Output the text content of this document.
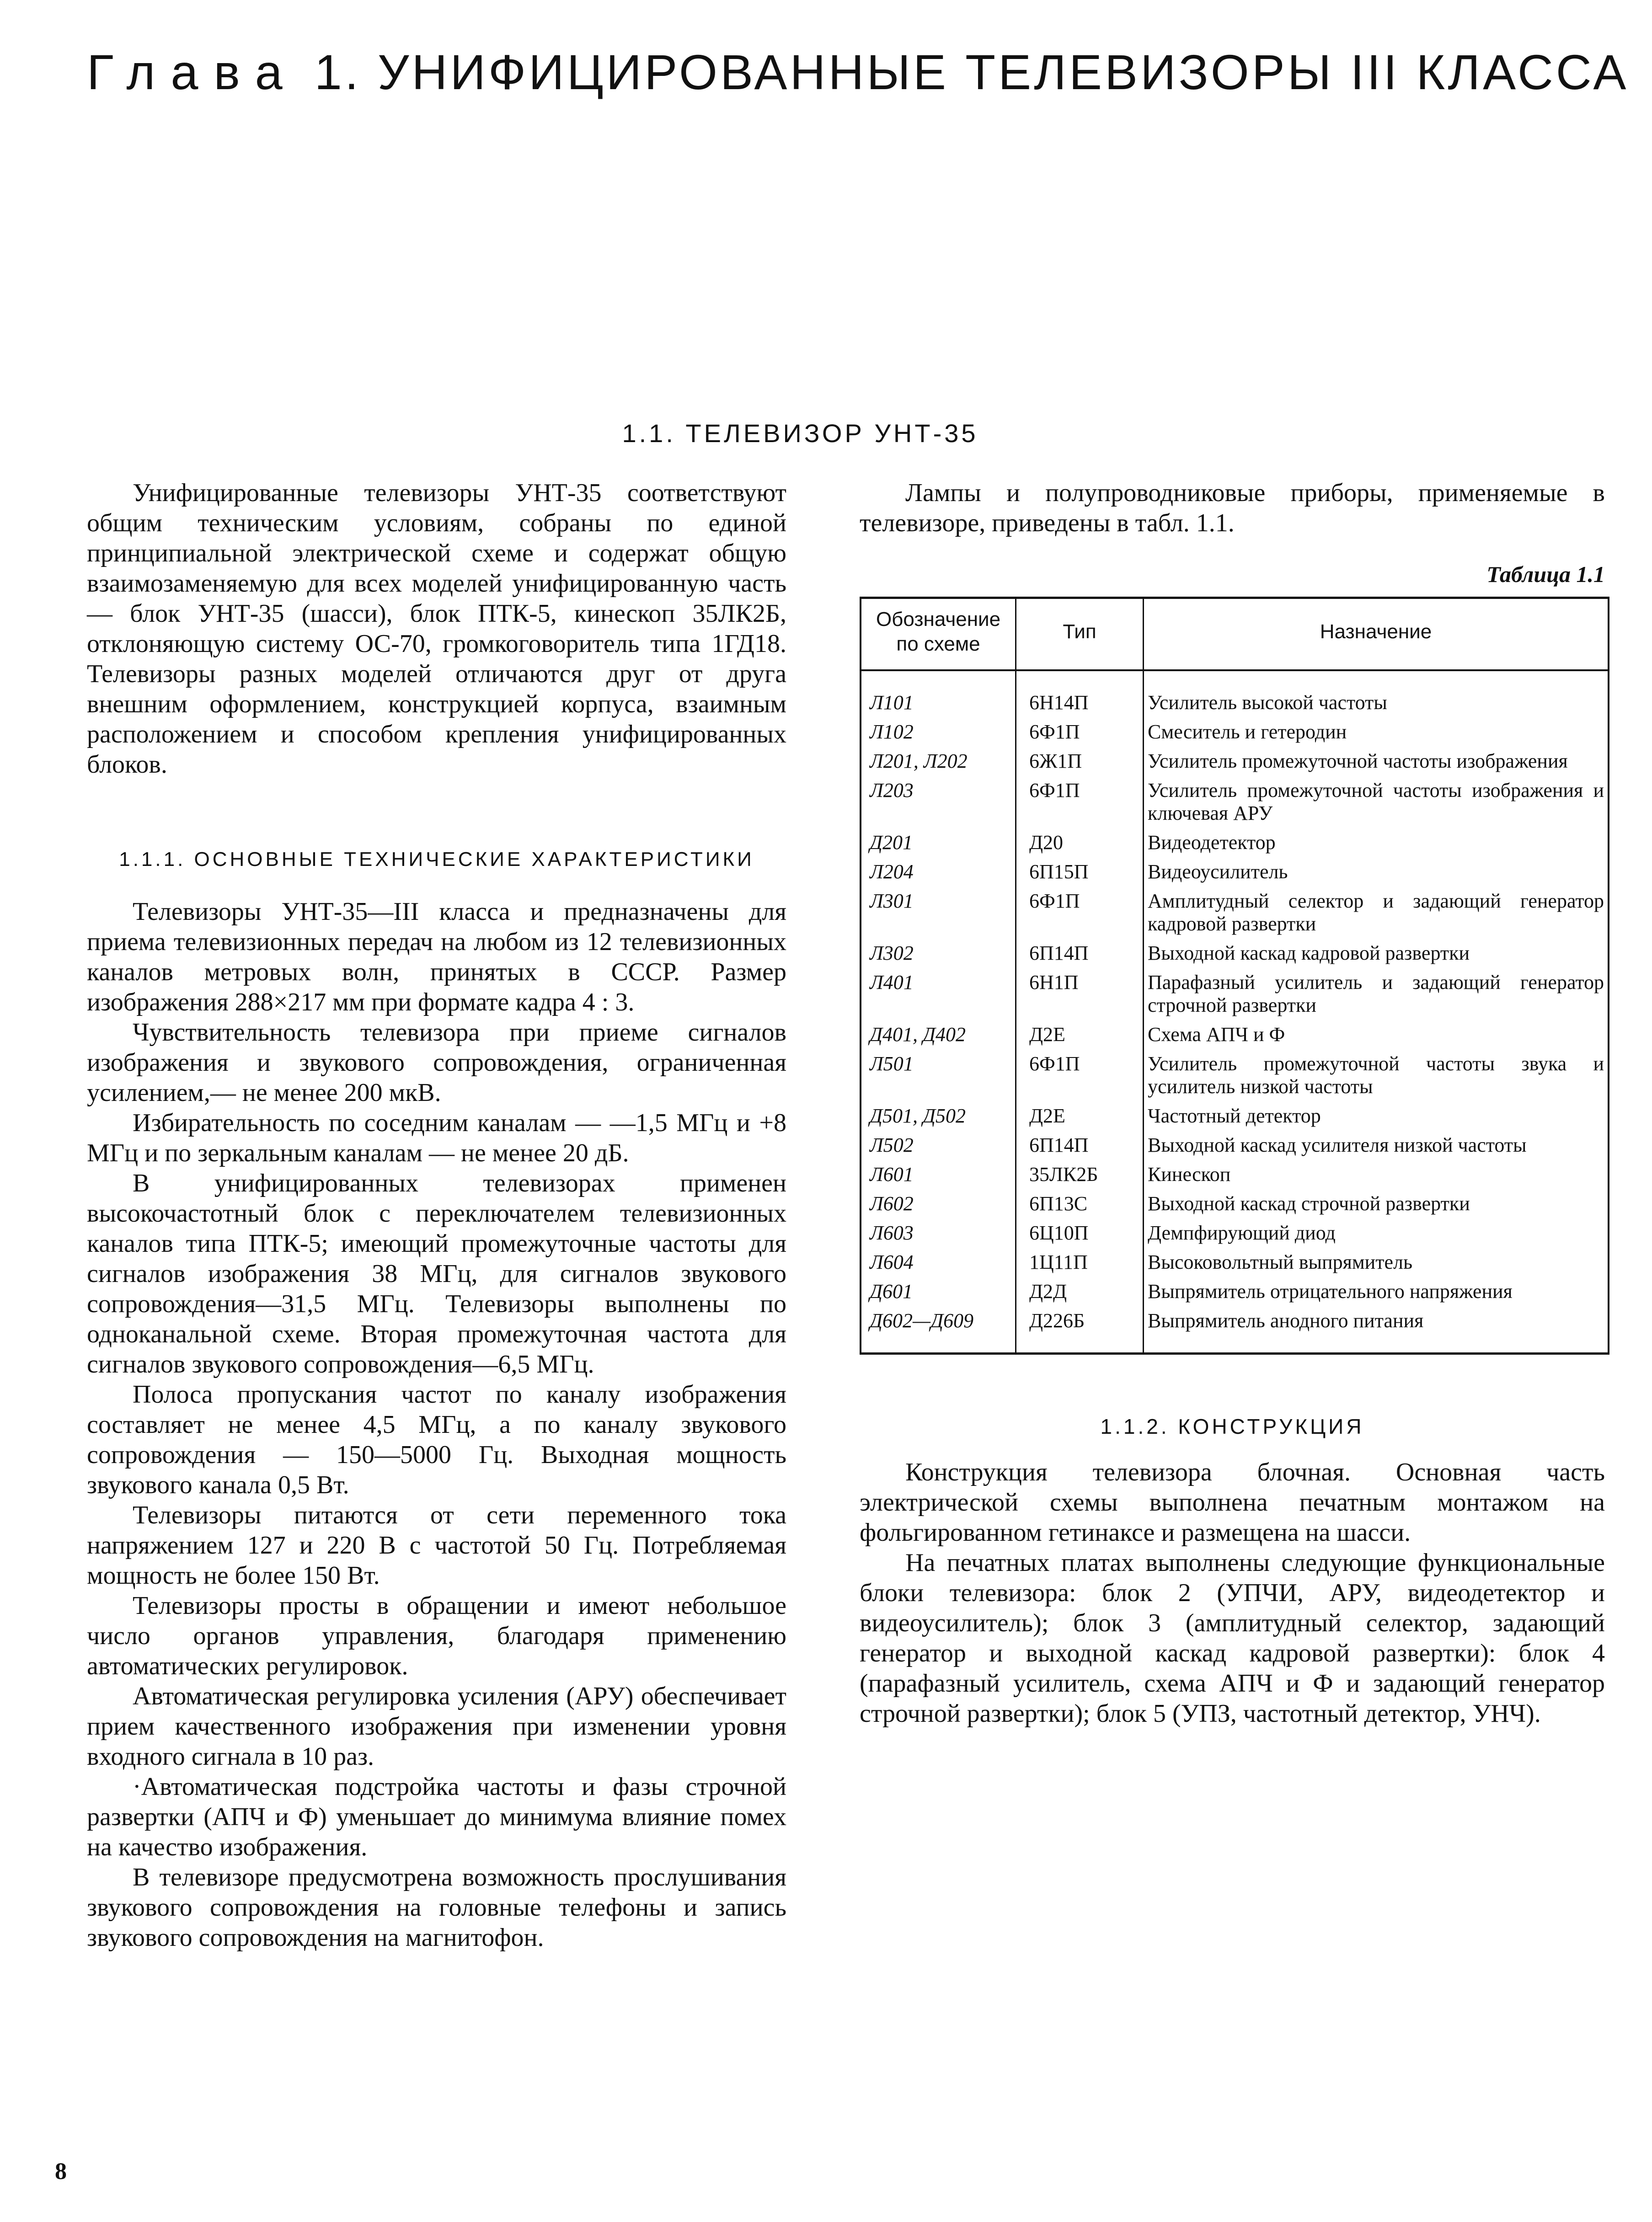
Глава 1. УНИФИЦИРОВАННЫЕ ТЕЛЕВИЗОРЫ III КЛАССА
1.1. ТЕЛЕВИЗОР УНТ-35

Унифицированные телевизоры УНТ-35 соответствуют общим техническим условиям, собраны по единой принципиальной электрической схеме и содержат общую взаимозаменяемую для всех моделей унифицированную часть — блок УНТ-35 (шасси), блок ПТК-5, кинескоп 35ЛК2Б, отклоняющую систему ОС-70, громкоговоритель типа 1ГД18. Телевизоры разных моделей отличаются друг от друга внешним оформлением, конструкцией корпуса, взаимным расположением и способом крепления унифицированных блоков.

1.1.1. ОСНОВНЫЕ ТЕХНИЧЕСКИЕ ХАРАКТЕРИСТИКИ

Телевизоры УНТ-35—III класса и предназначены для приема телевизионных передач на любом из 12 телевизионных каналов метровых волн, принятых в СССР. Размер изображения 288×217 мм при формате кадра 4 : 3.

Чувствительность телевизора при приеме сигналов изображения и звукового сопровождения, ограниченная усилением,— не менее 200 мкВ.

Избирательность по соседним каналам — —1,5 МГц и +8 МГц и по зеркальным каналам — не менее 20 дБ.

В унифицированных телевизорах применен высокочастотный блок с переключателем телевизионных каналов типа ПТК-5; имеющий промежуточные частоты для сигналов изображения 38 МГц, для сигналов звукового сопровождения—31,5 МГц. Телевизоры выполнены по одноканальной схеме. Вторая промежуточная частота для сигналов звукового сопровождения—6,5 МГц.

Полоса пропускания частот по каналу изображения составляет не менее 4,5 МГц, а по каналу звукового сопровождения — 150—5000 Гц. Выходная мощность звукового канала 0,5 Вт.

Телевизоры питаются от сети переменного тока напряжением 127 и 220 В с частотой 50 Гц. Потребляемая мощность не более 150 Вт.

Телевизоры просты в обращении и имеют небольшое число органов управления, благодаря применению автоматических регулировок.

Автоматическая регулировка усиления (АРУ) обеспечивает прием качественного изображения при изменении уровня входного сигнала в 10 раз.

·Автоматическая подстройка частоты и фазы строчной развертки (АПЧ и Ф) уменьшает до минимума влияние помех на качество изображения.

В телевизоре предусмотрена возможность прослушивания звукового сопровождения на головные телефоны и запись звукового сопровождения на магнитофон.

Лампы и полупроводниковые приборы, применяемые в телевизоре, приведены в табл. 1.1.

Таблица 1.1
Обозначение по схеме	Тип	Назначение
Л101	6Н14П	Усилитель высокой частоты
Л102	6Ф1П	Смеситель и гетеродин
Л201, Л202	6Ж1П	Усилитель промежуточной частоты изображения
Л203	6Ф1П	Усилитель промежуточной частоты изображения и ключевая АРУ
Д201	Д20	Видеодетектор
Л204	6П15П	Видеоусилитель
Л301	6Ф1П	Амплитудный селектор и задающий генератор кадровой развертки
Л302	6П14П	Выходной каскад кадровой развертки
Л401	6Н1П	Парафазный усилитель и задающий генератор строчной развертки
Д401, Д402	Д2Е	Схема АПЧ и Ф
Л501	6Ф1П	Усилитель промежуточной частоты звука и усилитель низкой частоты
Д501, Д502	Д2Е	Частотный детектор
Л502	6П14П	Выходной каскад усилителя низкой частоты
Л601	35ЛК2Б	Кинескоп
Л602	6П13С	Выходной каскад строчной развертки
Л603	6Ц10П	Демпфирующий диод
Л604	1Ц11П	Высоковольтный выпрямитель
Д601	Д2Д	Выпрямитель отрицательного напряжения
Д602—Д609	Д226Б	Выпрямитель анодного питания
1.1.2. КОНСТРУКЦИЯ

Конструкция телевизора блочная. Основная часть электрической схемы выполнена печатным монтажом на фольгированном гетинаксе и размещена на шасси.

На печатных платах выполнены следующие функциональные блоки телевизора: блок 2 (УПЧИ, АРУ, видеодетектор и видеоусилитель); блок 3 (амплитудный селектор, задающий генератор и выходной каскад кадровой развертки): блок 4 (парафазный усилитель, схема АПЧ и Ф и задающий генератор строчной развертки); блок 5 (УПЗ, частотный детектор, УНЧ).

8
